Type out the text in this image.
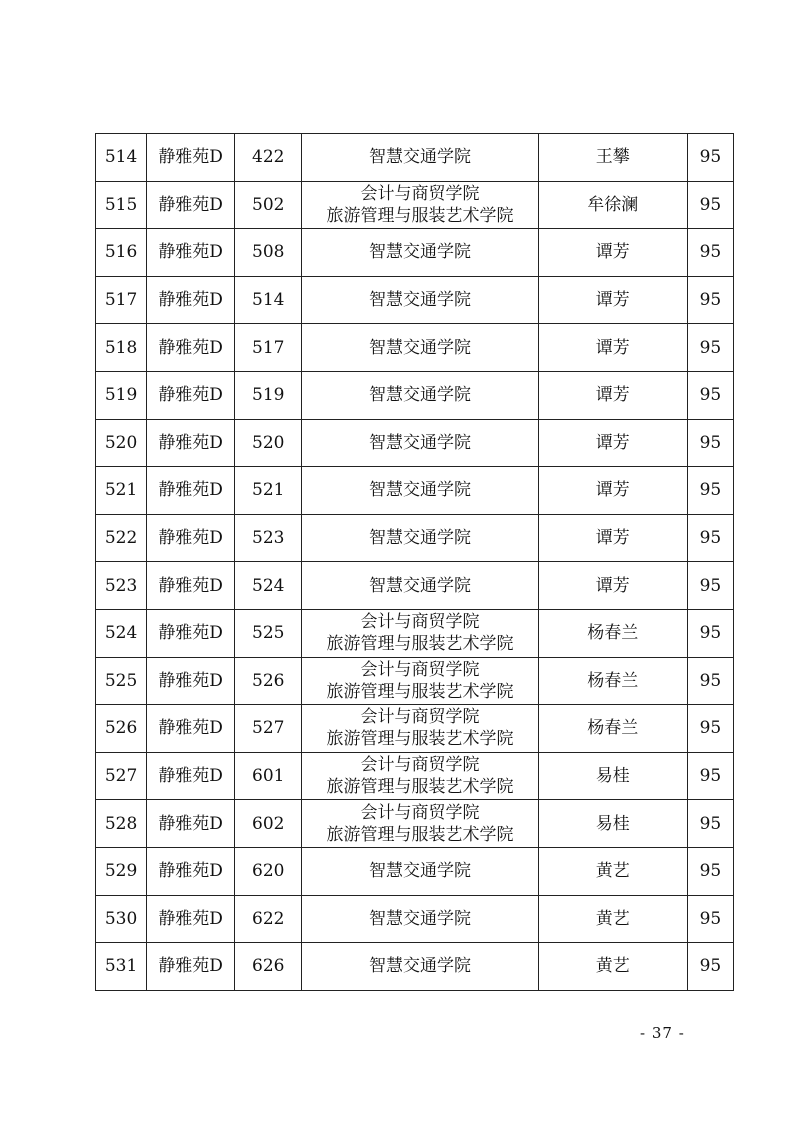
514	静雅苑D	422	智慧交通学院	王攀	95
515	静雅苑D	502	会计与商贸学院
旅游管理与服装艺术学院	牟徐澜	95
516	静雅苑D	508	智慧交通学院	谭芳	95
517	静雅苑D	514	智慧交通学院	谭芳	95
518	静雅苑D	517	智慧交通学院	谭芳	95
519	静雅苑D	519	智慧交通学院	谭芳	95
520	静雅苑D	520	智慧交通学院	谭芳	95
521	静雅苑D	521	智慧交通学院	谭芳	95
522	静雅苑D	523	智慧交通学院	谭芳	95
523	静雅苑D	524	智慧交通学院	谭芳	95
524	静雅苑D	525	会计与商贸学院
旅游管理与服装艺术学院	杨春兰	95
525	静雅苑D	526	会计与商贸学院
旅游管理与服装艺术学院	杨春兰	95
526	静雅苑D	527	会计与商贸学院
旅游管理与服装艺术学院	杨春兰	95
527	静雅苑D	601	会计与商贸学院
旅游管理与服装艺术学院	易桂	95
528	静雅苑D	602	会计与商贸学院
旅游管理与服装艺术学院	易桂	95
529	静雅苑D	620	智慧交通学院	黄艺	95
530	静雅苑D	622	智慧交通学院	黄艺	95
531	静雅苑D	626	智慧交通学院	黄艺	95
- 37 -
